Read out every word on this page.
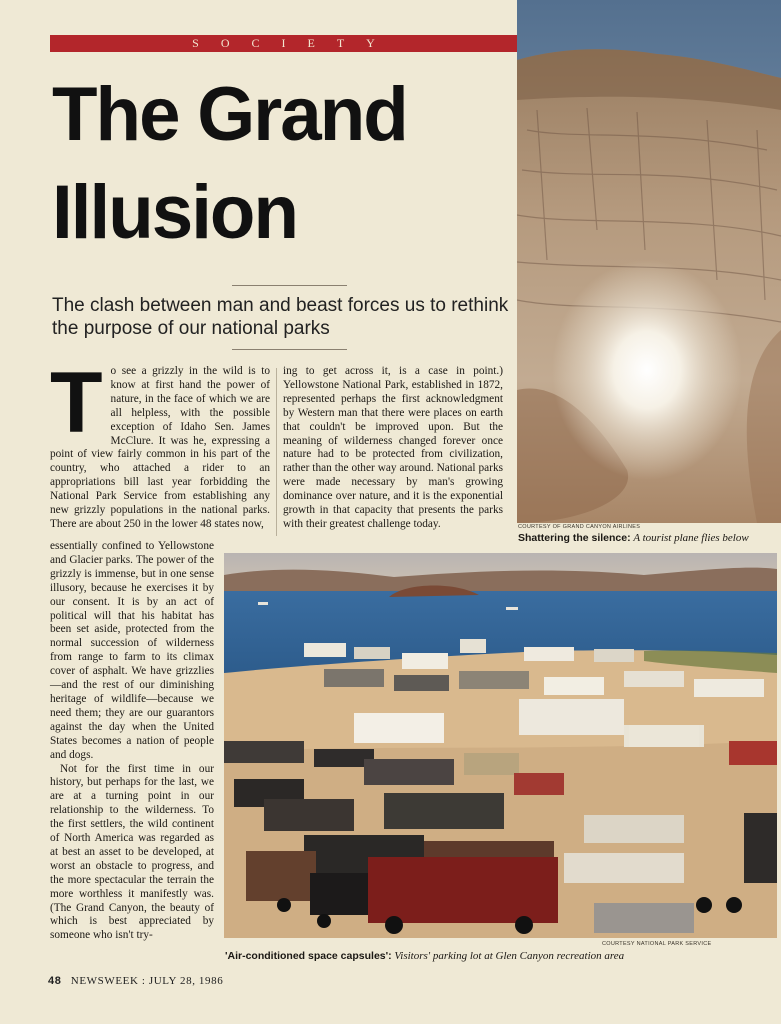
SOCIETY
The Grand
Illusion
The clash between man and beast forces us to rethink the purpose of our national parks
T o see a grizzly in the wild is to know at first hand the power of nature, in the face of which we are all helpless, with the possible exception of Idaho Sen. James McClure. It was he, expressing a point of view fairly common in his part of the country, who attached a rider to an appropriations bill last year forbidding the National Park Service from establishing any new grizzly populations in the national parks. There are about 250 in the lower 48 states now,

ing to get across it, is a case in point.) Yellowstone National Park, established in 1872, represented perhaps the first acknowledgment by Western man that there were places on earth that couldn't be improved upon. But the meaning of wilderness changed forever once nature had to be protected from civilization, rather than the other way around. National parks were made necessary by man's growing dominance over nature, and it is the exponential growth in that capacity that presents the parks with their greatest challenge today.

essentially confined to Yellowstone and Glacier parks. The power of the grizzly is immense, but in one sense illusory, because he exercises it by our consent. It is by an act of political will that his habitat has been set aside, protected from the normal succession of wilderness from range to farm to its climax cover of asphalt. We have grizzlies—and the rest of our diminishing heritage of wildlife—because we need them; they are our guarantors against the day when the United States becomes a nation of people and dogs.

Not for the first time in our history, but perhaps for the last, we are at a turning point in our relationship to the wilderness. To the first settlers, the wild continent of North America was regarded as at best an asset to be developed, at worst an obstacle to progress, and the more spectacular the terrain the more worthless it manifestly was. (The Grand Canyon, the beauty of which is best appreciated by someone who isn't try-

COURTESY OF GRAND CANYON AIRLINES
Shattering the silence: A tourist plane flies below
COURTESY NATIONAL PARK SERVICE
'Air-conditioned space capsules': Visitors' parking lot at Glen Canyon recreation area
48 NEWSWEEK : JULY 28, 1986
